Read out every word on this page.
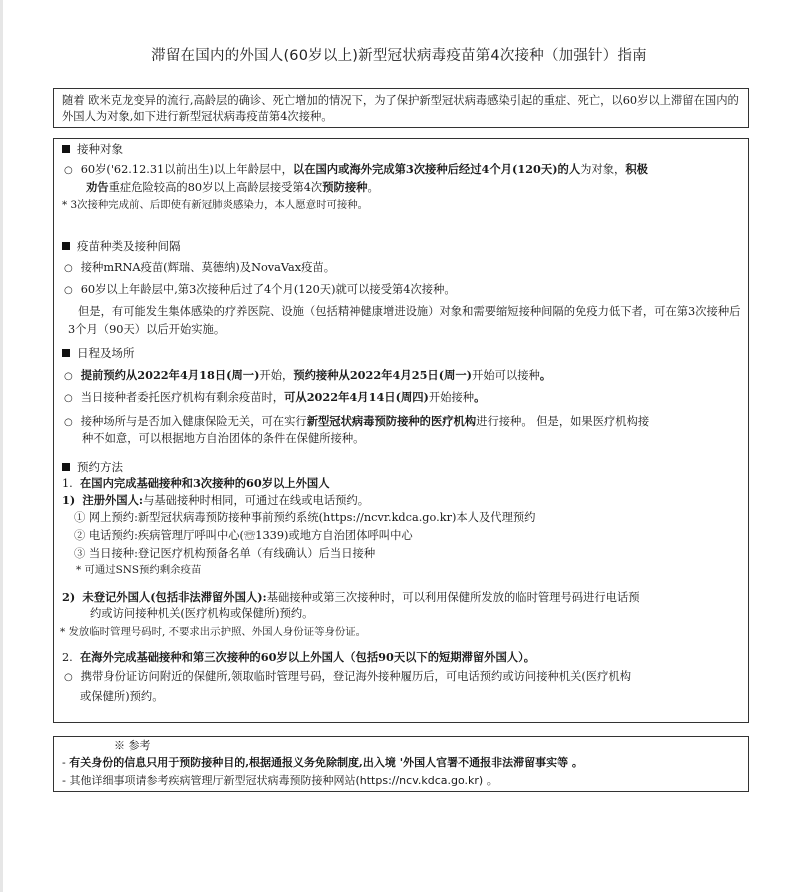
滞留在国内的外国人(60岁以上)新型冠状病毒疫苗第4次接种（加强针）指南
随着 欧米克龙变异的流行,高龄层的确诊、死亡增加的情况下，为了保护新型冠状病毒感染引起的重症、死亡，以60岁以上滞留在国内的外国人为对象,如下进行新型冠状病毒疫苗第4次接种。
接种对象
○ 60岁('62.12.31以前出生)以上年龄层中，以在国内或海外完成第3次接种后经过4个月(120天)的人为对象，积极
劝告重症危险较高的80岁以上高龄层接受第4次预防接种。
* 3次接种完成前、后即使有新冠肺炎感染力，本人愿意时可接种。
疫苗种类及接种间隔
○ 接种mRNA疫苗(辉瑞、莫德纳)及NovaVax疫苗。
○ 60岁以上年龄层中,第3次接种后过了4个月(120天)就可以接受第4次接种。
但是，有可能发生集体感染的疗养医院、设施（包括精神健康增进设施）对象和需要缩短接种间隔的免疫力低下者，可在第3次接种后3个月（90天）以后开始实施。
日程及场所
○ 提前预约从2022年4月18日(周一)开始，预约接种从2022年4月25日(周一)开始可以接种。
○ 当日接种者委托医疗机构有剩余疫苗时，可从2022年4月14日(周四)开始接种。
○ 接种场所与是否加入健康保险无关，可在实行新型冠状病毒预防接种的医疗机构进行接种。 但是，如果医疗机构接
种不如意，可以根据地方自治团体的条件在保健所接种。
预约方法
1. 在国内完成基础接种和3次接种的60岁以上外国人
1) 注册外国人:与基础接种时相同，可通过在线或电话预约。
① 网上预约:新型冠状病毒预防接种事前预约系统(https://ncvr.kdca.go.kr)本人及代理预约
② 电话预约:疾病管理厅呼叫中心(☏1339)或地方自治团体呼叫中心
③ 当日接种:登记医疗机构预备名单（有线确认）后当日接种
* 可通过SNS预约剩余疫苗
2) 未登记外国人(包括非法滞留外国人):基础接种或第三次接种时，可以利用保健所发放的临时管理号码进行电话预
约或访问接种机关(医疗机构或保健所)预约。
* 发放临时管理号码时, 不要求出示护照、外国人身份证等身份证。
2. 在海外完成基础接种和第三次接种的60岁以上外国人（包括90天以下的短期滞留外国人）。
○ 携带身份证访问附近的保健所,领取临时管理号码，登记海外接种履历后，可电话预约或访问接种机关(医疗机构
或保健所)预约。
※ 参考
- 有关身份的信息只用于预防接种目的,根据通报义务免除制度,出入境 '外国人官署不通报非法滞留事实等 。
- 其他详细事项请参考疾病管理厅新型冠状病毒预防接种网站(https://ncv.kdca.go.kr) 。
